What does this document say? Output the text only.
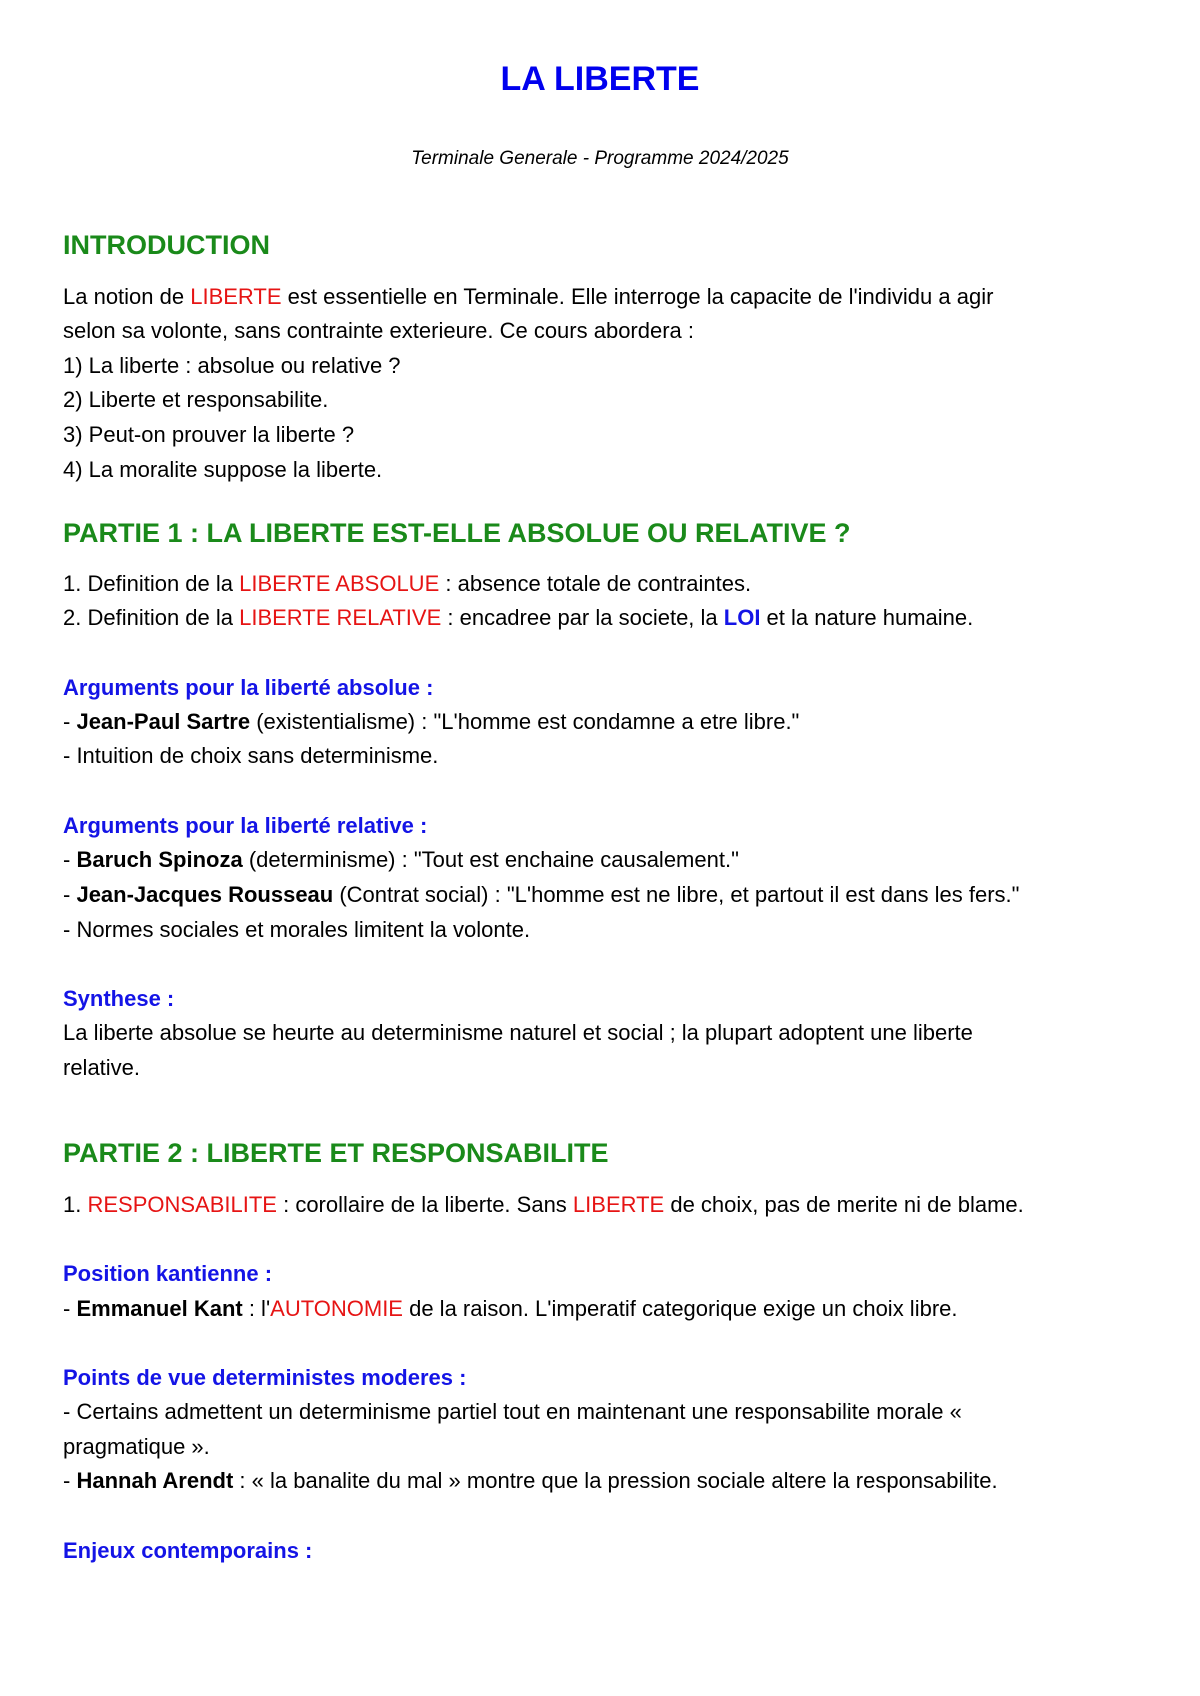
LA LIBERTE
Terminale Generale - Programme 2024/2025
INTRODUCTION
La notion de LIBERTE est essentielle en Terminale. Elle interroge la capacite de l'individu a agir
selon sa volonte, sans contrainte exterieure. Ce cours abordera :
1) La liberte : absolue ou relative ?
2) Liberte et responsabilite.
3) Peut-on prouver la liberte ?
4) La moralite suppose la liberte.
PARTIE 1 : LA LIBERTE EST-ELLE ABSOLUE OU RELATIVE ?
1. Definition de la LIBERTE ABSOLUE : absence totale de contraintes.
2. Definition de la LIBERTE RELATIVE : encadree par la societe, la LOI et la nature humaine.
Arguments pour la liberté absolue :
- Jean-Paul Sartre (existentialisme) : "L'homme est condamne a etre libre."
- Intuition de choix sans determinisme.
Arguments pour la liberté relative :
- Baruch Spinoza (determinisme) : "Tout est enchaine causalement."
- Jean-Jacques Rousseau (Contrat social) : "L'homme est ne libre, et partout il est dans les fers."
- Normes sociales et morales limitent la volonte.
Synthese :
La liberte absolue se heurte au determinisme naturel et social ; la plupart adoptent une liberte
relative.
PARTIE 2 : LIBERTE ET RESPONSABILITE
1. RESPONSABILITE : corollaire de la liberte. Sans LIBERTE de choix, pas de merite ni de blame.
Position kantienne :
- Emmanuel Kant : l'AUTONOMIE de la raison. L'imperatif categorique exige un choix libre.
Points de vue deterministes moderes :
- Certains admettent un determinisme partiel tout en maintenant une responsabilite morale «
pragmatique ».
- Hannah Arendt : « la banalite du mal » montre que la pression sociale altere la responsabilite.
Enjeux contemporains :
